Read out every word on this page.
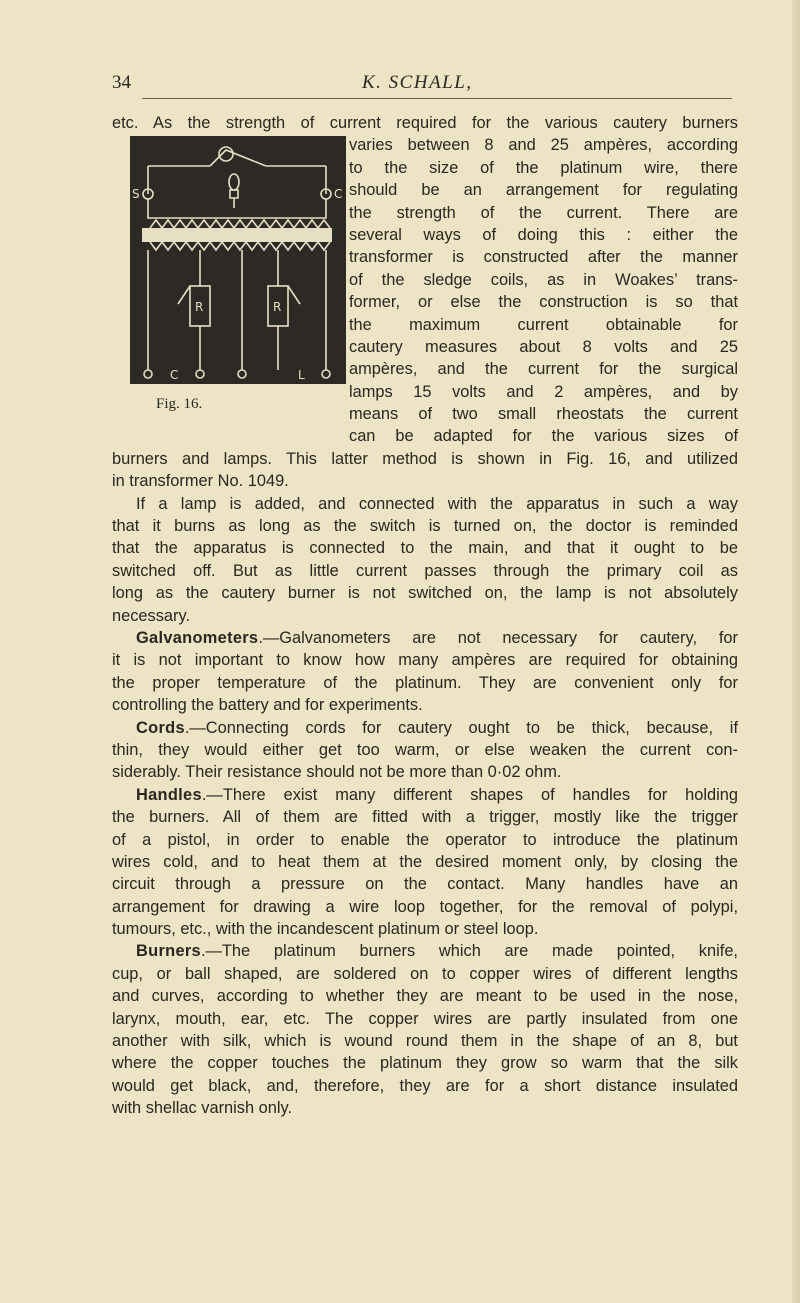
34	K. SCHALL,
S	C
R	R
C	L
Fig. 16.
etc. As the strength of current required for the various cautery burners
varies between 8 and 25 ampères, according
to the size of the platinum wire, there
should be an arrangement for regulating
the strength of the current. There are
several ways of doing this : either the
transformer is constructed after the manner
of the sledge coils, as in Woakes’ trans-
former, or else the construction is so that
the maximum current obtainable for
cautery measures about 8 volts and 25
ampères, and the current for the surgical
lamps 15 volts and 2 ampères, and by
means of two small rheostats the current
can be adapted for the various sizes of
burners and lamps. This latter method is shown in Fig. 16, and utilized
in transformer No. 1049.
If a lamp is added, and connected with the apparatus in such a way
that it burns as long as the switch is turned on, the doctor is reminded
that the apparatus is connected to the main, and that it ought to be
switched off. But as little current passes through the primary coil as
long as the cautery burner is not switched on, the lamp is not absolutely
necessary.
Galvanometers.—Galvanometers are not necessary for cautery, for
it is not important to know how many ampères are required for obtaining
the proper temperature of the platinum. They are convenient only for
controlling the battery and for experiments.
Cords.—Connecting cords for cautery ought to be thick, because, if
thin, they would either get too warm, or else weaken the current con-
siderably. Their resistance should not be more than 0·02 ohm.
Handles.—There exist many different shapes of handles for holding
the burners. All of them are fitted with a trigger, mostly like the trigger
of a pistol, in order to enable the operator to introduce the platinum
wires cold, and to heat them at the desired moment only, by closing the
circuit through a pressure on the contact. Many handles have an
arrangement for drawing a wire loop together, for the removal of polypi,
tumours, etc., with the incandescent platinum or steel loop.
Burners.—The platinum burners which are made pointed, knife,
cup, or ball shaped, are soldered on to copper wires of different lengths
and curves, according to whether they are meant to be used in the nose,
larynx, mouth, ear, etc. The copper wires are partly insulated from one
another with silk, which is wound round them in the shape of an 8, but
where the copper touches the platinum they grow so warm that the silk
would get black, and, therefore, they are for a short distance insulated
with shellac varnish only.
